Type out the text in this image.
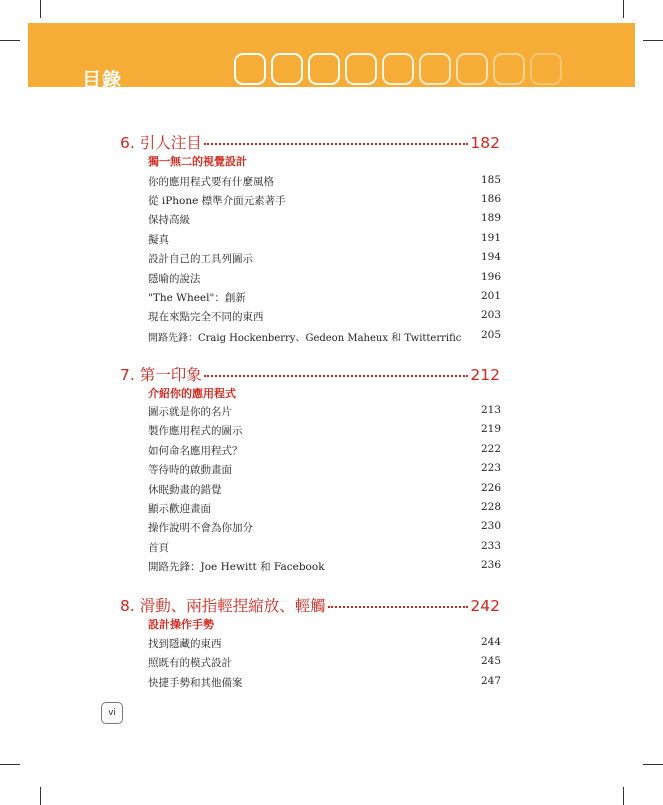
目錄
6. 引人注目	182
獨一無二的視覺設計
你的應用程式要有什麼風格	185
從 iPhone 標準介面元素著手	186
保持高級	189
擬真	191
設計自己的工具列圖示	194
隱喻的說法	196
"The Wheel"：創新	201
現在來點完全不同的東西	203
開路先鋒：Craig Hockenberry、Gedeon Maheux 和 Twitterrific 205
7. 第一印象	212
介紹你的應用程式
圖示就是你的名片	213
製作應用程式的圖示	219
如何命名應用程式？	222
等待時的啟動畫面	223
休眠動畫的錯覺	226
顯示歡迎畫面	228
操作說明不會為你加分	230
首頁	233
開路先鋒：Joe Hewitt 和 Facebook	236
8. 滑動、兩指輕捏縮放、輕觸	242
設計操作手勢
找到隱藏的東西	244
照既有的模式設計	245
快捷手勢和其他備案	247
vi
